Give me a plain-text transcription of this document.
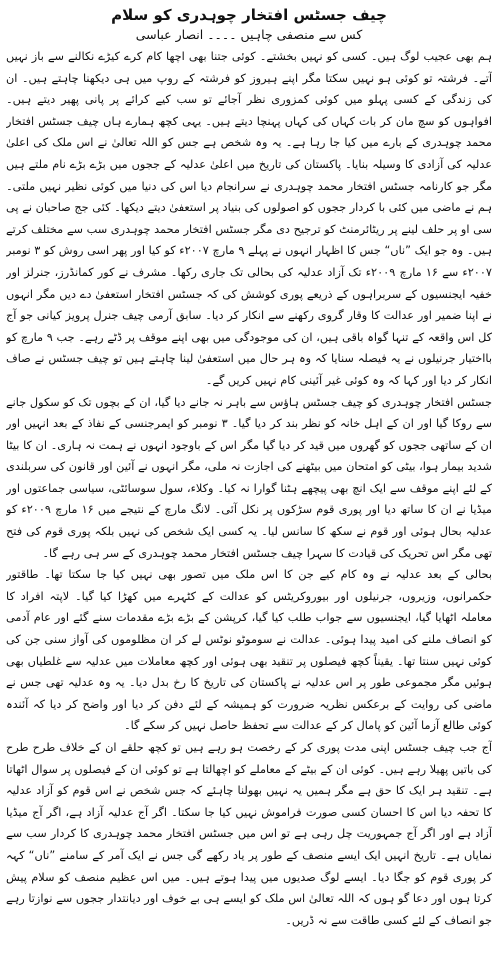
چیف جسٹس افتخار چوہدری کو سلام
کس سے منصفی چاہیں ۔۔۔۔ انصار عباسی

ہم بھی عجیب لوگ ہیں۔ کسی کو نہیں بخشتے۔ کوئی جتنا بھی اچھا کام کرے کیڑے نکالنے سے باز نہیں آتے۔ فرشتہ تو کوئی ہو نہیں سکتا مگر اپنے ہیروز کو فرشتہ کے روپ میں ہی دیکھنا چاہتے ہیں۔ ان کی زندگی کے کسی پہلو میں کوئی کمزوری نظر آجائے تو سب کیے کرائے پر پانی پھیر دیتے ہیں۔ افواہوں کو سچ مان کر بات کہاں کی کہاں پہنچا دیتے ہیں۔ یہی کچھ ہمارے ہاں چیف جسٹس افتخار محمد چوہدری کے بارے میں کیا جا رہا ہے۔ یہ وہ شخص ہے جس کو اللہ تعالیٰ نے اس ملک کی اعلیٰ عدلیہ کی آزادی کا وسیلہ بنایا۔ پاکستان کی تاریخ میں اعلیٰ عدلیہ کے ججوں میں بڑے بڑے نام ملتے ہیں مگر جو کارنامہ جسٹس افتخار محمد چوہدری نے سرانجام دیا اس کی دنیا میں کوئی نظیر نہیں ملتی۔ ہم نے ماضی میں کئی با کردار ججوں کو اصولوں کی بنیاد پر استعفیٰ دیتے دیکھا۔ کئی جج صاحبان نے پی سی او پر حلف لینے پر ریٹائرمنٹ کو ترجیح دی مگر جسٹس افتخار محمد چوہدری سب سے مختلف کرتے ہیں۔ وہ جو ایک ”ناں“ جس کا اظہار انہوں نے پہلے ۹ مارچ ۲۰۰۷ء کو کیا اور پھر اسی روش کو ۳ نومبر ۲۰۰۷ء سے ۱۶ مارچ ۲۰۰۹ء تک آزاد عدلیہ کی بحالی تک جاری رکھا۔ مشرف نے کور کمانڈرز، جنرلز اور خفیہ ایجنسیوں کے سربراہوں کے ذریعے پوری کوشش کی کہ جسٹس افتخار استعفیٰ دے دیں مگر انہوں نے اپنا ضمیر اور عدالت کا وقار گروی رکھنے سے انکار کر دیا۔ سابق آرمی چیف جنرل پرویز کیانی جو آج کل اس واقعہ کے تنہا گواہ باقی ہیں، ان کی موجودگی میں بھی اپنے موقف پر ڈٹے رہے۔ جب ۹ مارچ کو بااختیار جرنیلوں نے یہ فیصلہ سنایا کہ وہ ہر حال میں استعفیٰ لینا چاہتے ہیں تو چیف جسٹس نے صاف انکار کر دیا اور کہا کہ وہ کوئی غیر آئینی کام نہیں کریں گے۔

جسٹس افتخار چوہدری کو چیف جسٹس ہاؤس سے باہر نہ جانے دیا گیا، ان کے بچوں تک کو سکول جانے سے روکا گیا اور ان کے اہل خانہ کو نظر بند کر دیا گیا۔ ۳ نومبر کو ایمرجنسی کے نفاذ کے بعد انہیں اور ان کے ساتھی ججوں کو گھروں میں قید کر دیا گیا مگر اس کے باوجود انہوں نے ہمت نہ ہاری۔ ان کا بیٹا شدید بیمار ہوا، بیٹی کو امتحان میں بیٹھنے کی اجازت نہ ملی، مگر انہوں نے آئین اور قانون کی سربلندی کے لئے اپنے موقف سے ایک انچ بھی پیچھے ہٹنا گوارا نہ کیا۔ وکلاء، سول سوسائٹی، سیاسی جماعتوں اور میڈیا نے ان کا ساتھ دیا اور پوری قوم سڑکوں پر نکل آئی۔ لانگ مارچ کے نتیجے میں ۱۶ مارچ ۲۰۰۹ء کو عدلیہ بحال ہوئی اور قوم نے سکھ کا سانس لیا۔ یہ کسی ایک شخص کی نہیں بلکہ پوری قوم کی فتح تھی مگر اس تحریک کی قیادت کا سہرا چیف جسٹس افتخار محمد چوہدری کے سر ہی رہے گا۔

بحالی کے بعد عدلیہ نے وہ کام کیے جن کا اس ملک میں تصور بھی نہیں کیا جا سکتا تھا۔ طاقتور حکمرانوں، وزیروں، جرنیلوں اور بیوروکریٹس کو عدالت کے کٹہرے میں کھڑا کیا گیا۔ لاپتہ افراد کا معاملہ اٹھایا گیا، ایجنسیوں سے جواب طلب کیا گیا، کرپشن کے بڑے بڑے مقدمات سنے گئے اور عام آدمی کو انصاف ملنے کی امید پیدا ہوئی۔ عدالت نے سوموٹو نوٹس لے کر ان مظلوموں کی آواز سنی جن کی کوئی نہیں سنتا تھا۔ یقیناً کچھ فیصلوں پر تنقید بھی ہوئی اور کچھ معاملات میں عدلیہ سے غلطیاں بھی ہوئیں مگر مجموعی طور پر اس عدلیہ نے پاکستان کی تاریخ کا رخ بدل دیا۔ یہ وہ عدلیہ تھی جس نے ماضی کی روایت کے برعکس نظریہ ضرورت کو ہمیشہ کے لئے دفن کر دیا اور واضح کر دیا کہ آئندہ کوئی طالع آزما آئین کو پامال کر کے عدالت سے تحفظ حاصل نہیں کر سکے گا۔

آج جب چیف جسٹس اپنی مدت پوری کر کے رخصت ہو رہے ہیں تو کچھ حلقے ان کے خلاف طرح طرح کی باتیں پھیلا رہے ہیں۔ کوئی ان کے بیٹے کے معاملے کو اچھالتا ہے تو کوئی ان کے فیصلوں پر سوال اٹھاتا ہے۔ تنقید ہر ایک کا حق ہے مگر ہمیں یہ نہیں بھولنا چاہئے کہ جس شخص نے اس قوم کو آزاد عدلیہ کا تحفہ دیا اس کا احسان کسی صورت فراموش نہیں کیا جا سکتا۔ اگر آج عدلیہ آزاد ہے، اگر آج میڈیا آزاد ہے اور اگر آج جمہوریت چل رہی ہے تو اس میں جسٹس افتخار محمد چوہدری کا کردار سب سے نمایاں ہے۔ تاریخ انہیں ایک ایسے منصف کے طور پر یاد رکھے گی جس نے ایک آمر کے سامنے ”ناں“ کہہ کر پوری قوم کو جگا دیا۔ ایسے لوگ صدیوں میں پیدا ہوتے ہیں۔ میں اس عظیم منصف کو سلام پیش کرتا ہوں اور دعا گو ہوں کہ اللہ تعالیٰ اس ملک کو ایسے ہی بے خوف اور دیانتدار ججوں سے نوازتا رہے جو انصاف کے لئے کسی طاقت سے نہ ڈریں۔
